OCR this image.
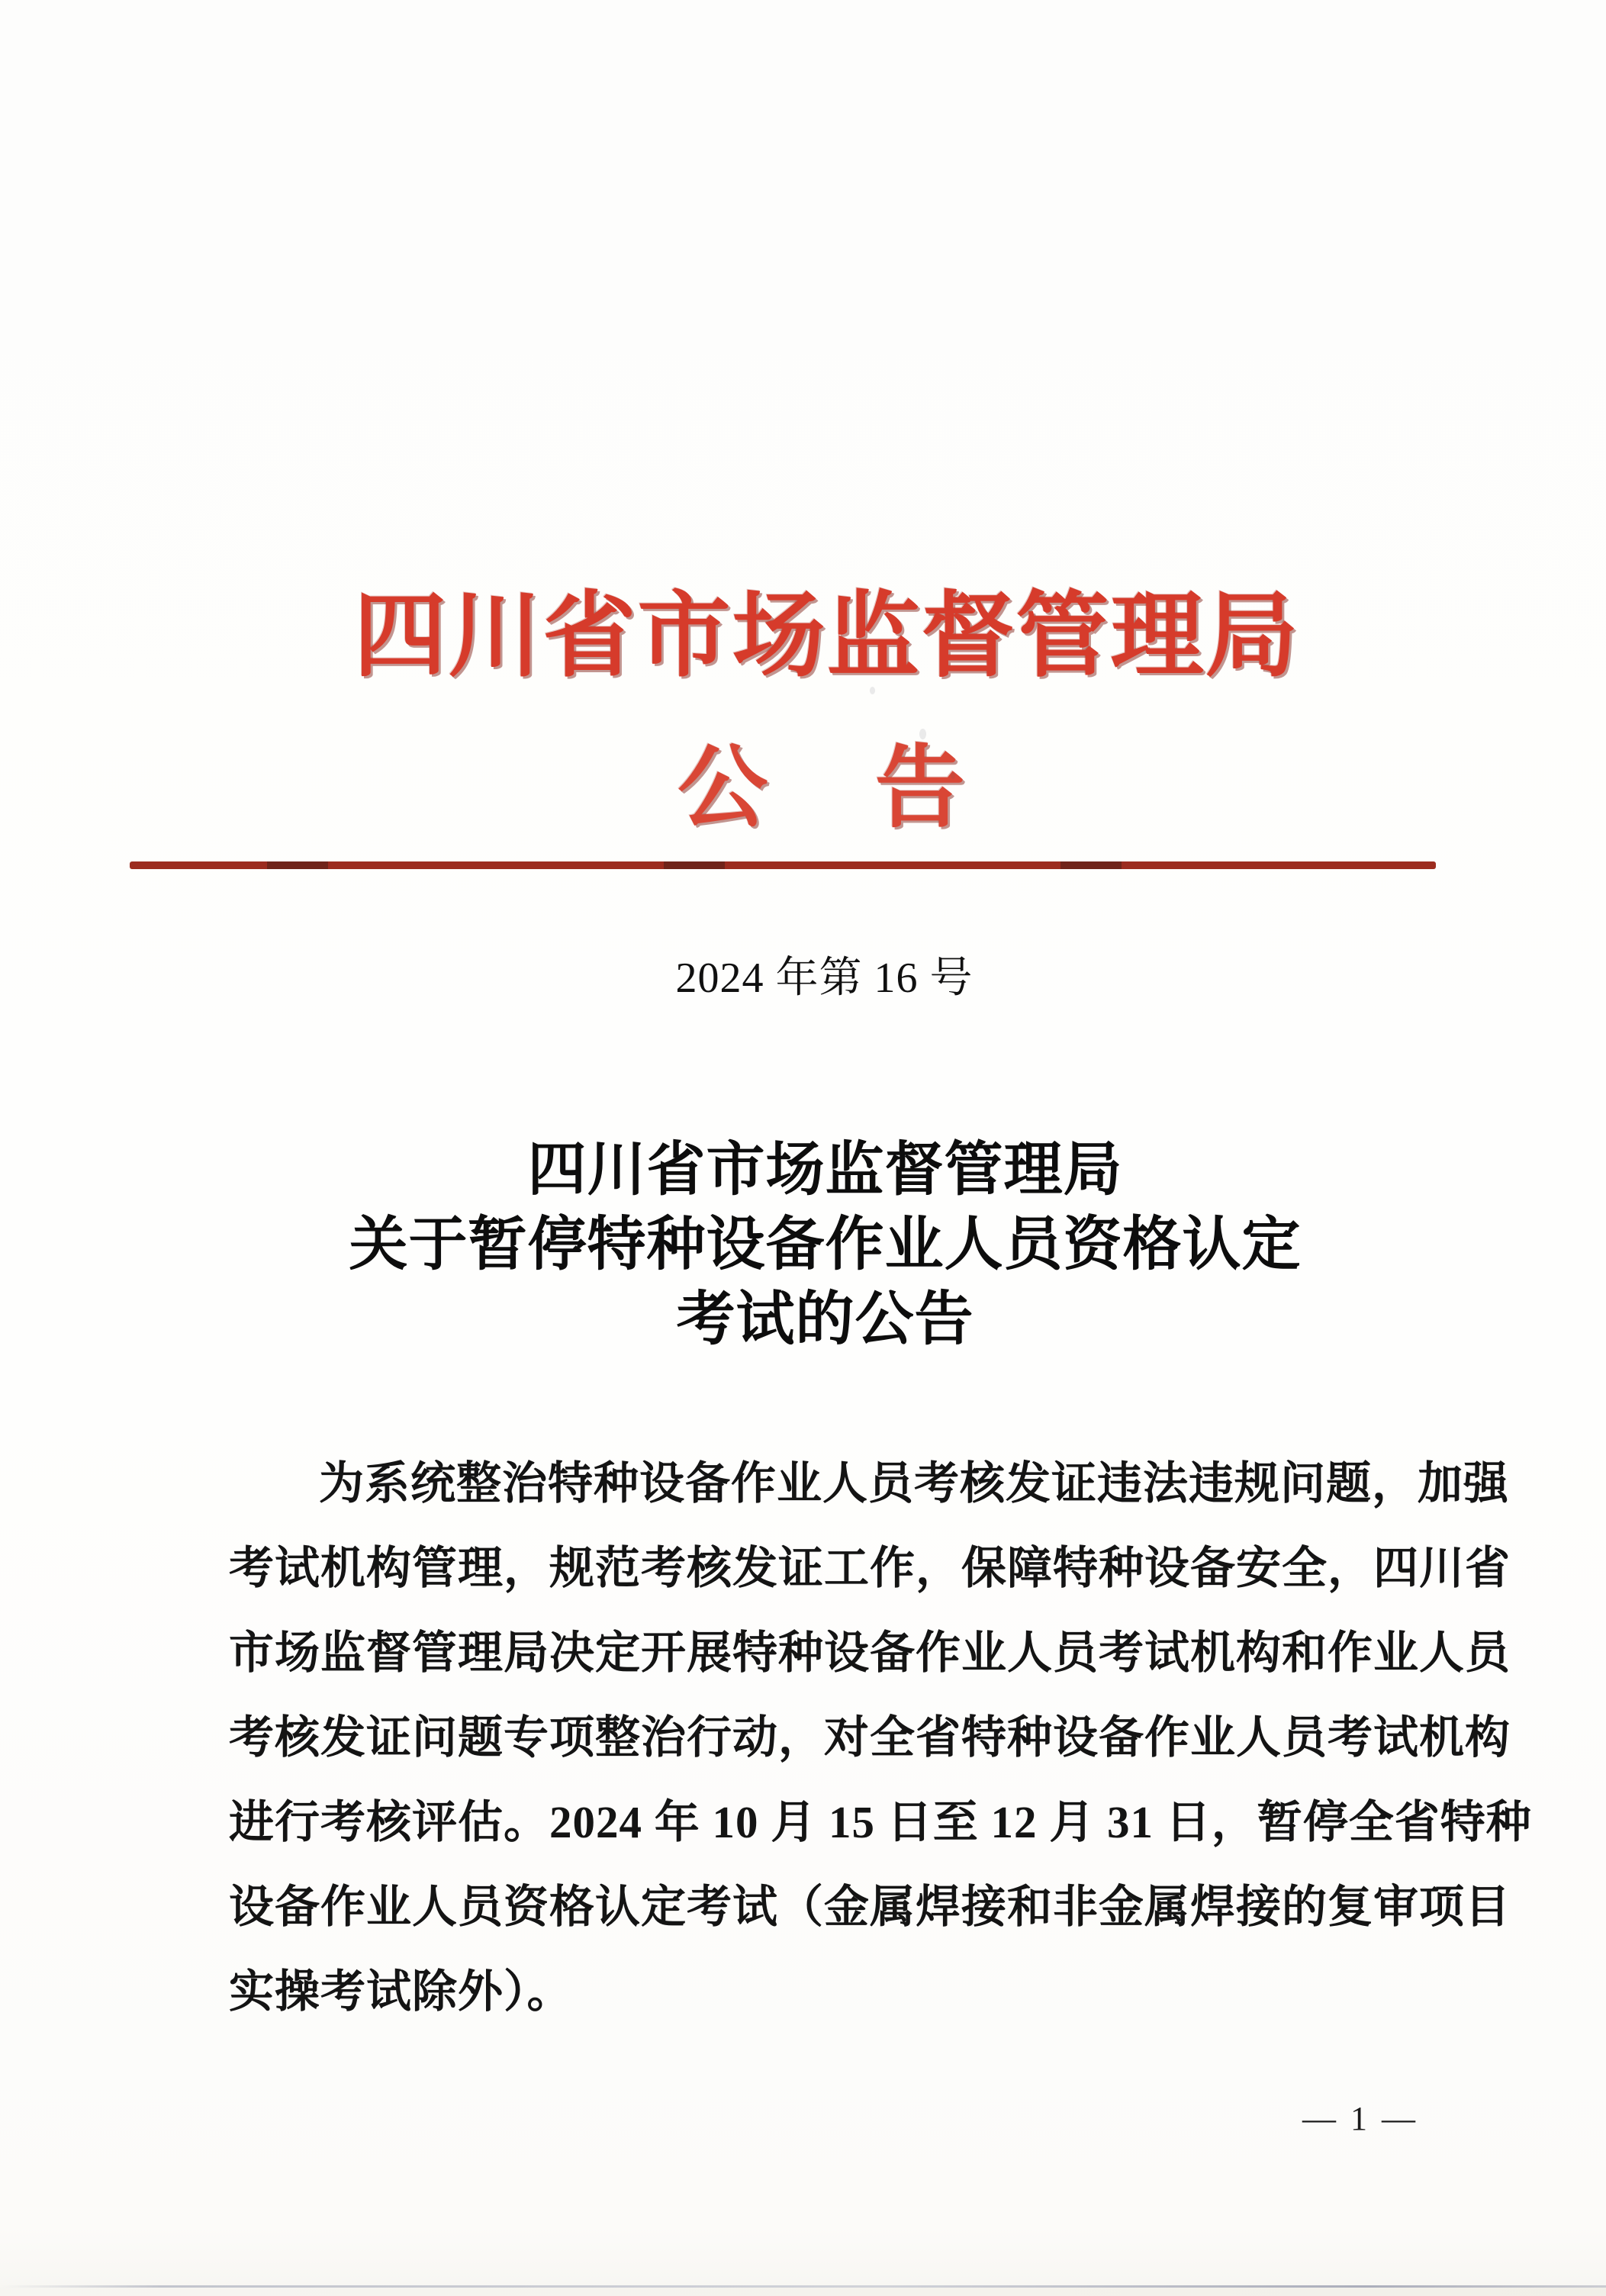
四川省市场监督管理局
公 告
2024 年第 16 号
四川省市场监督管理局
关于暂停特种设备作业人员资格认定
考试的公告
为系统整治特种设备作业人员考核发证违法违规问题，加强
考试机构管理，规范考核发证工作，保障特种设备安全，四川省
市场监督管理局决定开展特种设备作业人员考试机构和作业人员
考核发证问题专项整治行动，对全省特种设备作业人员考试机构
进行考核评估。2024 年 10 月 15 日至 12 月 31 日，暂停全省特种
设备作业人员资格认定考试（金属焊接和非金属焊接的复审项目
实操考试除外）。
— 1 —
